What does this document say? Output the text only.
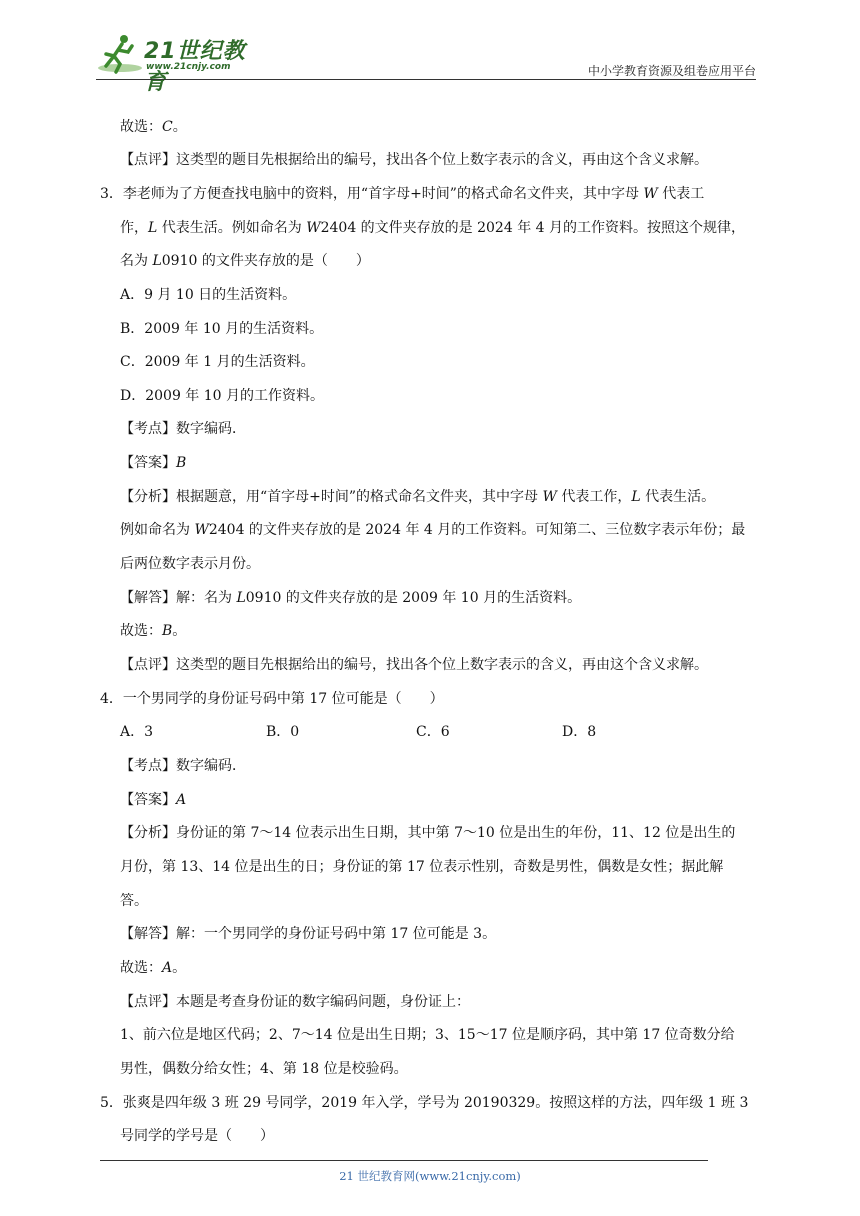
21世纪教育
www.21cnjy.com	中小学教育资源及组卷应用平台
故选：C。
【点评】这类型的题目先根据给出的编号，找出各个位上数字表示的含义，再由这个含义求解。
3．李老师为了方便查找电脑中的资料，用“首字母+时间”的格式命名文件夹，其中字母 W 代表工
作，L 代表生活。例如命名为 W2404 的文件夹存放的是 2024 年 4 月的工作资料。按照这个规律，
名为 L0910 的文件夹存放的是（　　）
A．9 月 10 日的生活资料。
B．2009 年 10 月的生活资料。
C．2009 年 1 月的生活资料。
D．2009 年 10 月的工作资料。
【考点】数字编码．
【答案】B
【分析】根据题意，用“首字母+时间”的格式命名文件夹，其中字母 W 代表工作，L 代表生活。
例如命名为 W2404 的文件夹存放的是 2024 年 4 月的工作资料。可知第二、三位数字表示年份；最
后两位数字表示月份。
【解答】解：名为 L0910 的文件夹存放的是 2009 年 10 月的生活资料。
故选：B。
【点评】这类型的题目先根据给出的编号，找出各个位上数字表示的含义，再由这个含义求解。
4．一个男同学的身份证号码中第 17 位可能是（　　）
A．3	B．0	C．6	D．8
【考点】数字编码．
【答案】A
【分析】身份证的第 7～14 位表示出生日期，其中第 7～10 位是出生的年份，11、12 位是出生的
月份，第 13、14 位是出生的日；身份证的第 17 位表示性别，奇数是男性，偶数是女性；据此解
答。
【解答】解：一个男同学的身份证号码中第 17 位可能是 3。
故选：A。
【点评】本题是考查身份证的数字编码问题，身份证上：
1、前六位是地区代码；2、7～14 位是出生日期；3、15～17 位是顺序码，其中第 17 位奇数分给
男性，偶数分给女性；4、第 18 位是校验码。
5．张爽是四年级 3 班 29 号同学，2019 年入学，学号为 20190329。按照这样的方法，四年级 1 班 3
号同学的学号是（　　）
21 世纪教育网(www.21cnjy.com)
